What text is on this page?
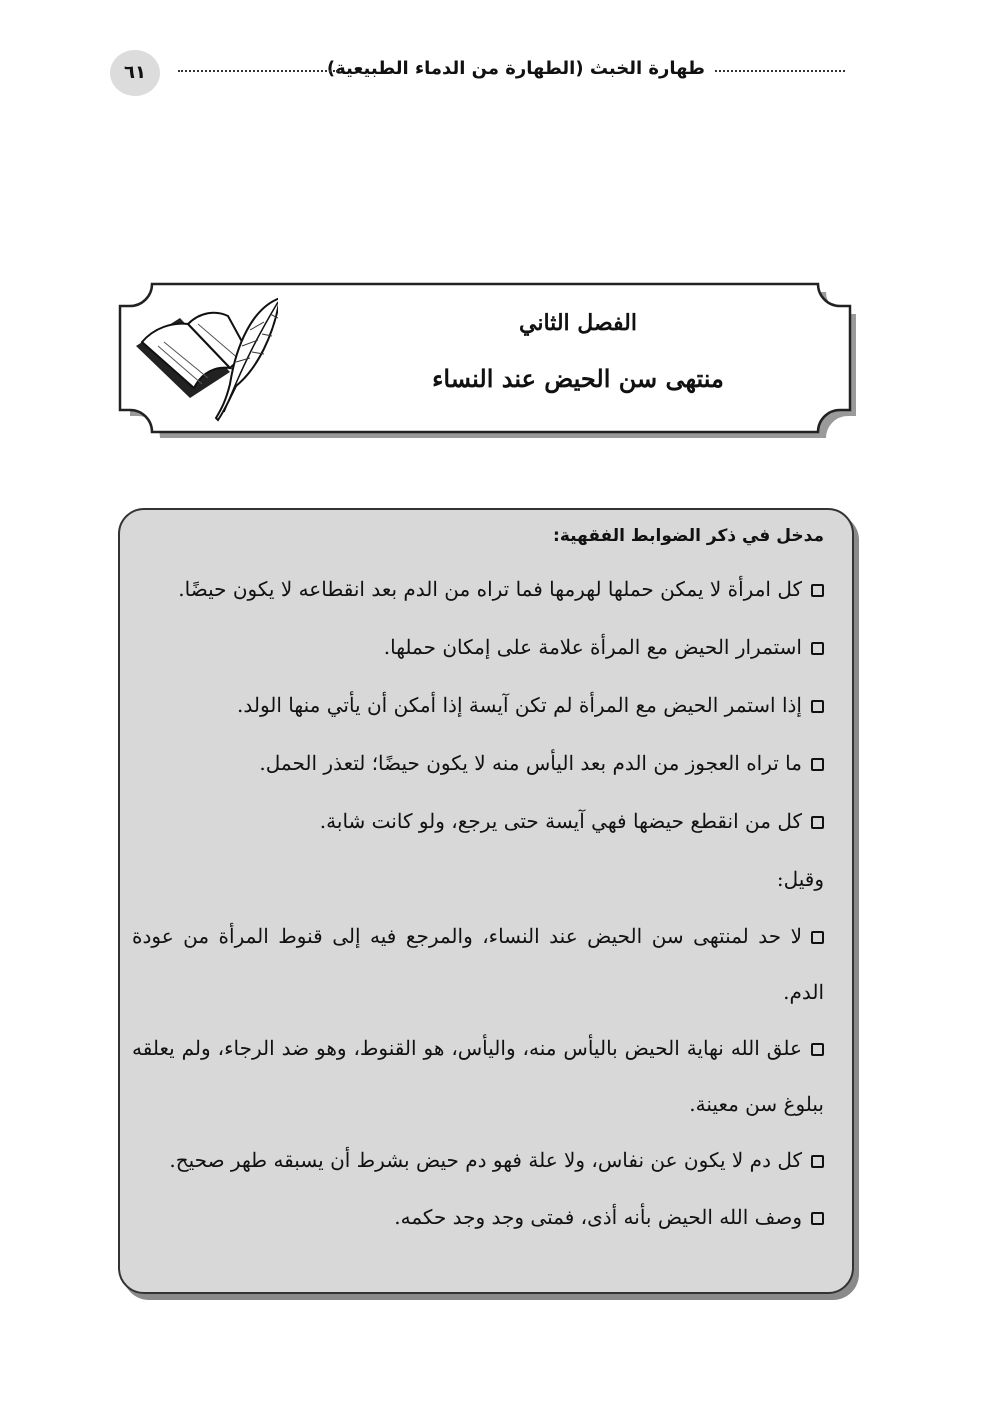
طهارة الخبث (الطهارة من الدماء الطبيعية)
٦١
الفصل الثاني
منتهى سن الحيض عند النساء

مدخل في ذكر الضوابط الفقهية:

كل امرأة لا يمكن حملها لهرمها فما تراه من الدم بعد انقطاعه لا يكون حيضًا.

استمرار الحيض مع المرأة علامة على إمكان حملها.

إذا استمر الحيض مع المرأة لم تكن آيسة إذا أمكن أن يأتي منها الولد.

ما تراه العجوز من الدم بعد اليأس منه لا يكون حيضًا؛ لتعذر الحمل.

كل من انقطع حيضها فهي آيسة حتى يرجع، ولو كانت شابة.

وقيل:

لا حد لمنتهى سن الحيض عند النساء، والمرجع فيه إلى قنوط المرأة من عودة الدم.

علق الله نهاية الحيض باليأس منه، واليأس، هو القنوط، وهو ضد الرجاء، ولم يعلقه ببلوغ سن معينة.

كل دم لا يكون عن نفاس، ولا علة فهو دم حيض بشرط أن يسبقه طهر صحيح.

وصف الله الحيض بأنه أذى، فمتى وجد وجد حكمه.
